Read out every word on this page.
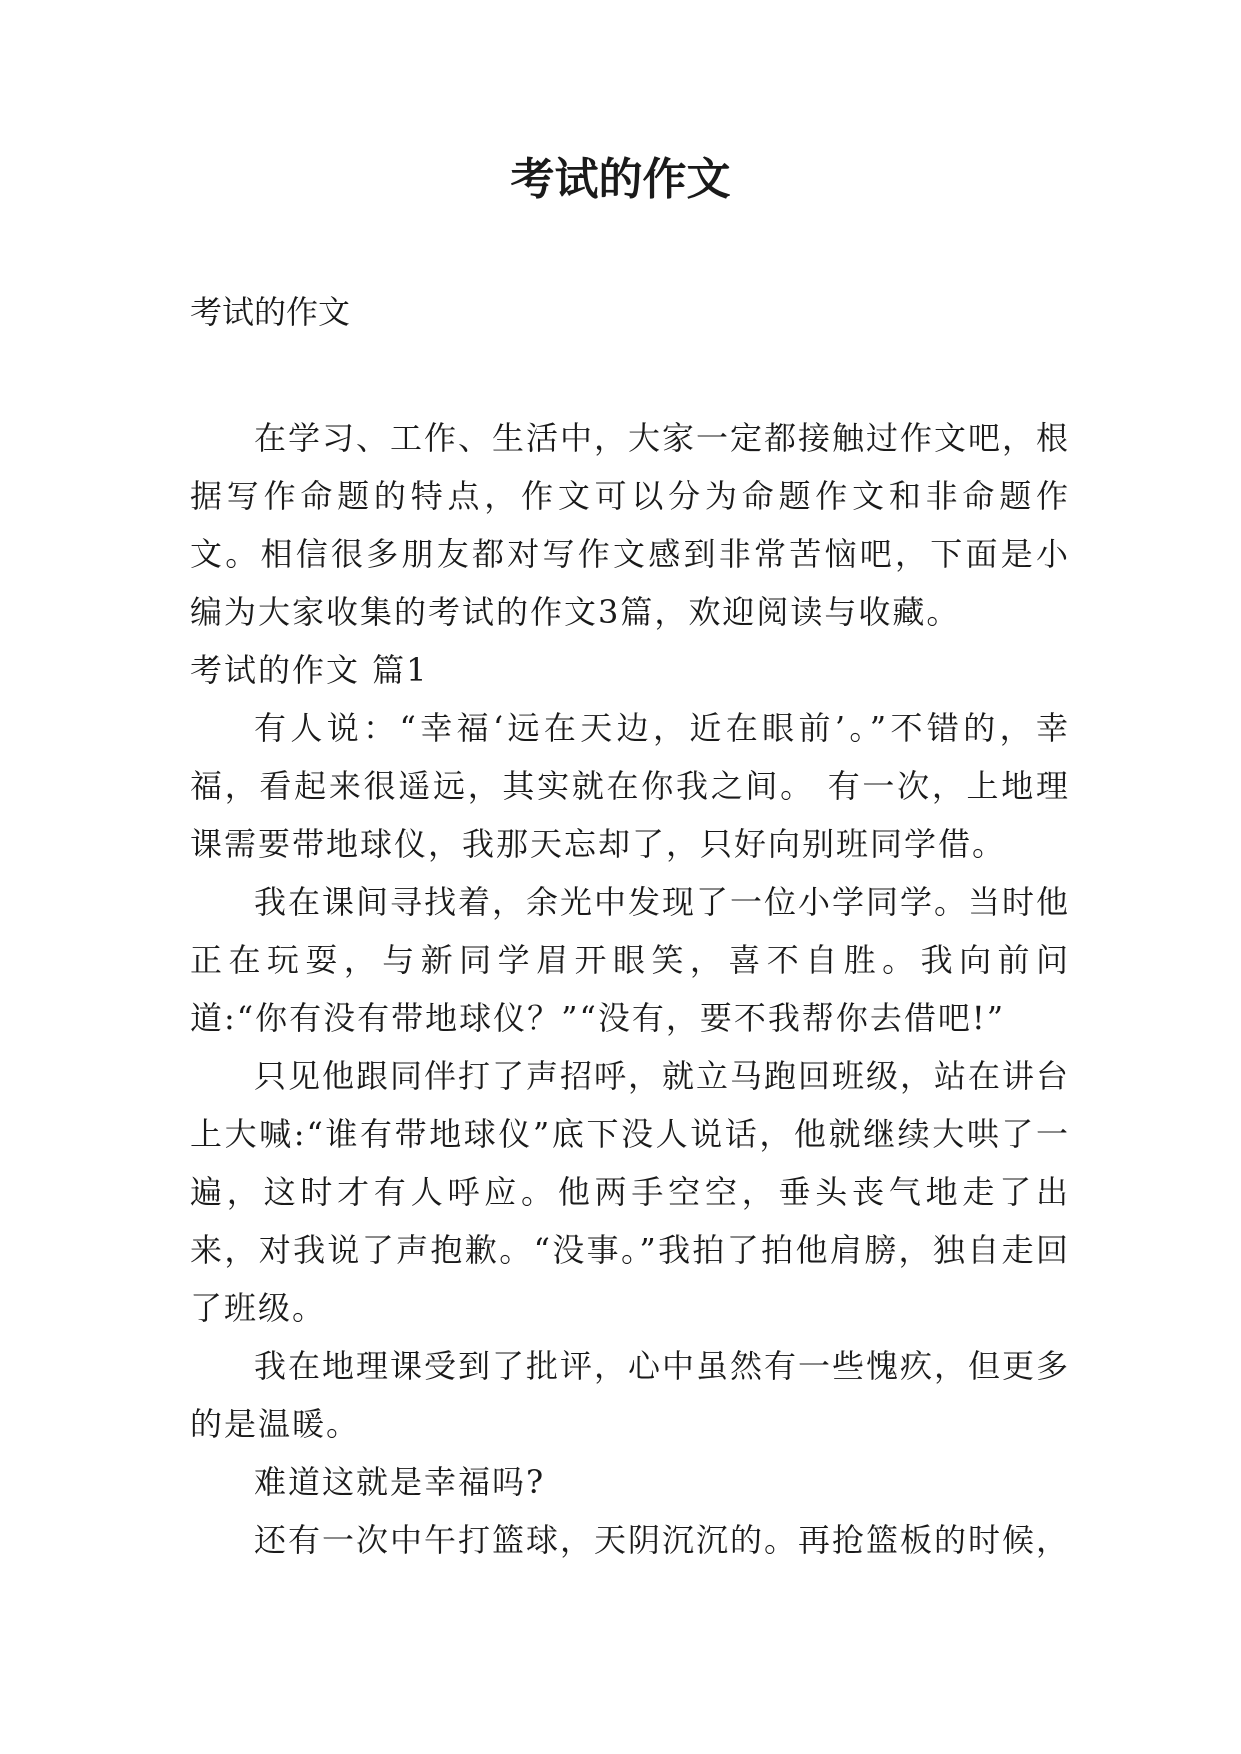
考试的作文

考试的作文

在学习、工作、生活中，大家一定都接触过作文吧，根据写作命题的特点，作文可以分为命题作文和非命题作文。相信很多朋友都对写作文感到非常苦恼吧，下面是小编为大家收集的考试的作文3篇，欢迎阅读与收藏。

考试的作文 篇1

有人说：“幸福‘远在天边，近在眼前’。”不错的，幸福，看起来很遥远，其实就在你我之间。 有一次，上地理课需要带地球仪，我那天忘却了，只好向别班同学借。

我在课间寻找着，余光中发现了一位小学同学。当时他正在玩耍，与新同学眉开眼笑，喜不自胜。我向前问道:“你有没有带地球仪？”“没有，要不我帮你去借吧!”

只见他跟同伴打了声招呼，就立马跑回班级，站在讲台上大喊:“谁有带地球仪”底下没人说话，他就继续大哄了一遍，这时才有人呼应。他两手空空，垂头丧气地走了出来，对我说了声抱歉。“没事。”我拍了拍他肩膀，独自走回了班级。

我在地理课受到了批评，心中虽然有一些愧疚，但更多的是温暖。

难道这就是幸福吗?

还有一次中午打篮球，天阴沉沉的。再抢篮板的时候，
